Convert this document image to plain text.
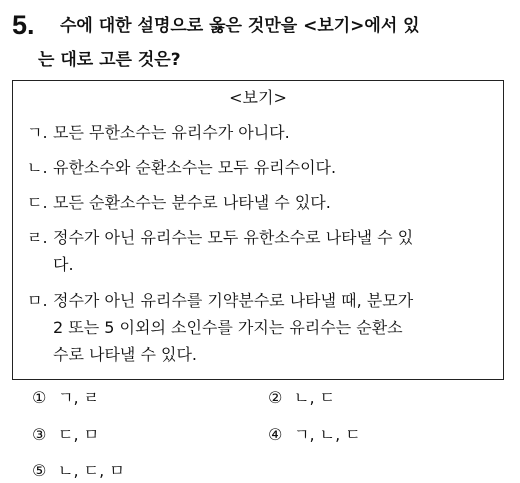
5. 수에 대한 설명으로 옳은 것만을 <보기>에서 있
는 대로 고른 것은?
<보기>
ㄱ. 모든 무한소수는 유리수가 아니다.
ㄴ. 유한소수와 순환소수는 모두 유리수이다.
ㄷ. 모든 순환소수는 분수로 나타낼 수 있다.
ㄹ. 정수가 아닌 유리수는 모두 유한소수로 나타낼 수 있
다.
ㅁ. 정수가 아닌 유리수를 기약분수로 나타낼 때, 분모가
2 또는 5 이외의 소인수를 가지는 유리수는 순환소
수로 나타낼 수 있다.
① ㄱ, ㄹ	② ㄴ, ㄷ
③ ㄷ, ㅁ	④ ㄱ, ㄴ, ㄷ
⑤ ㄴ, ㄷ, ㅁ
